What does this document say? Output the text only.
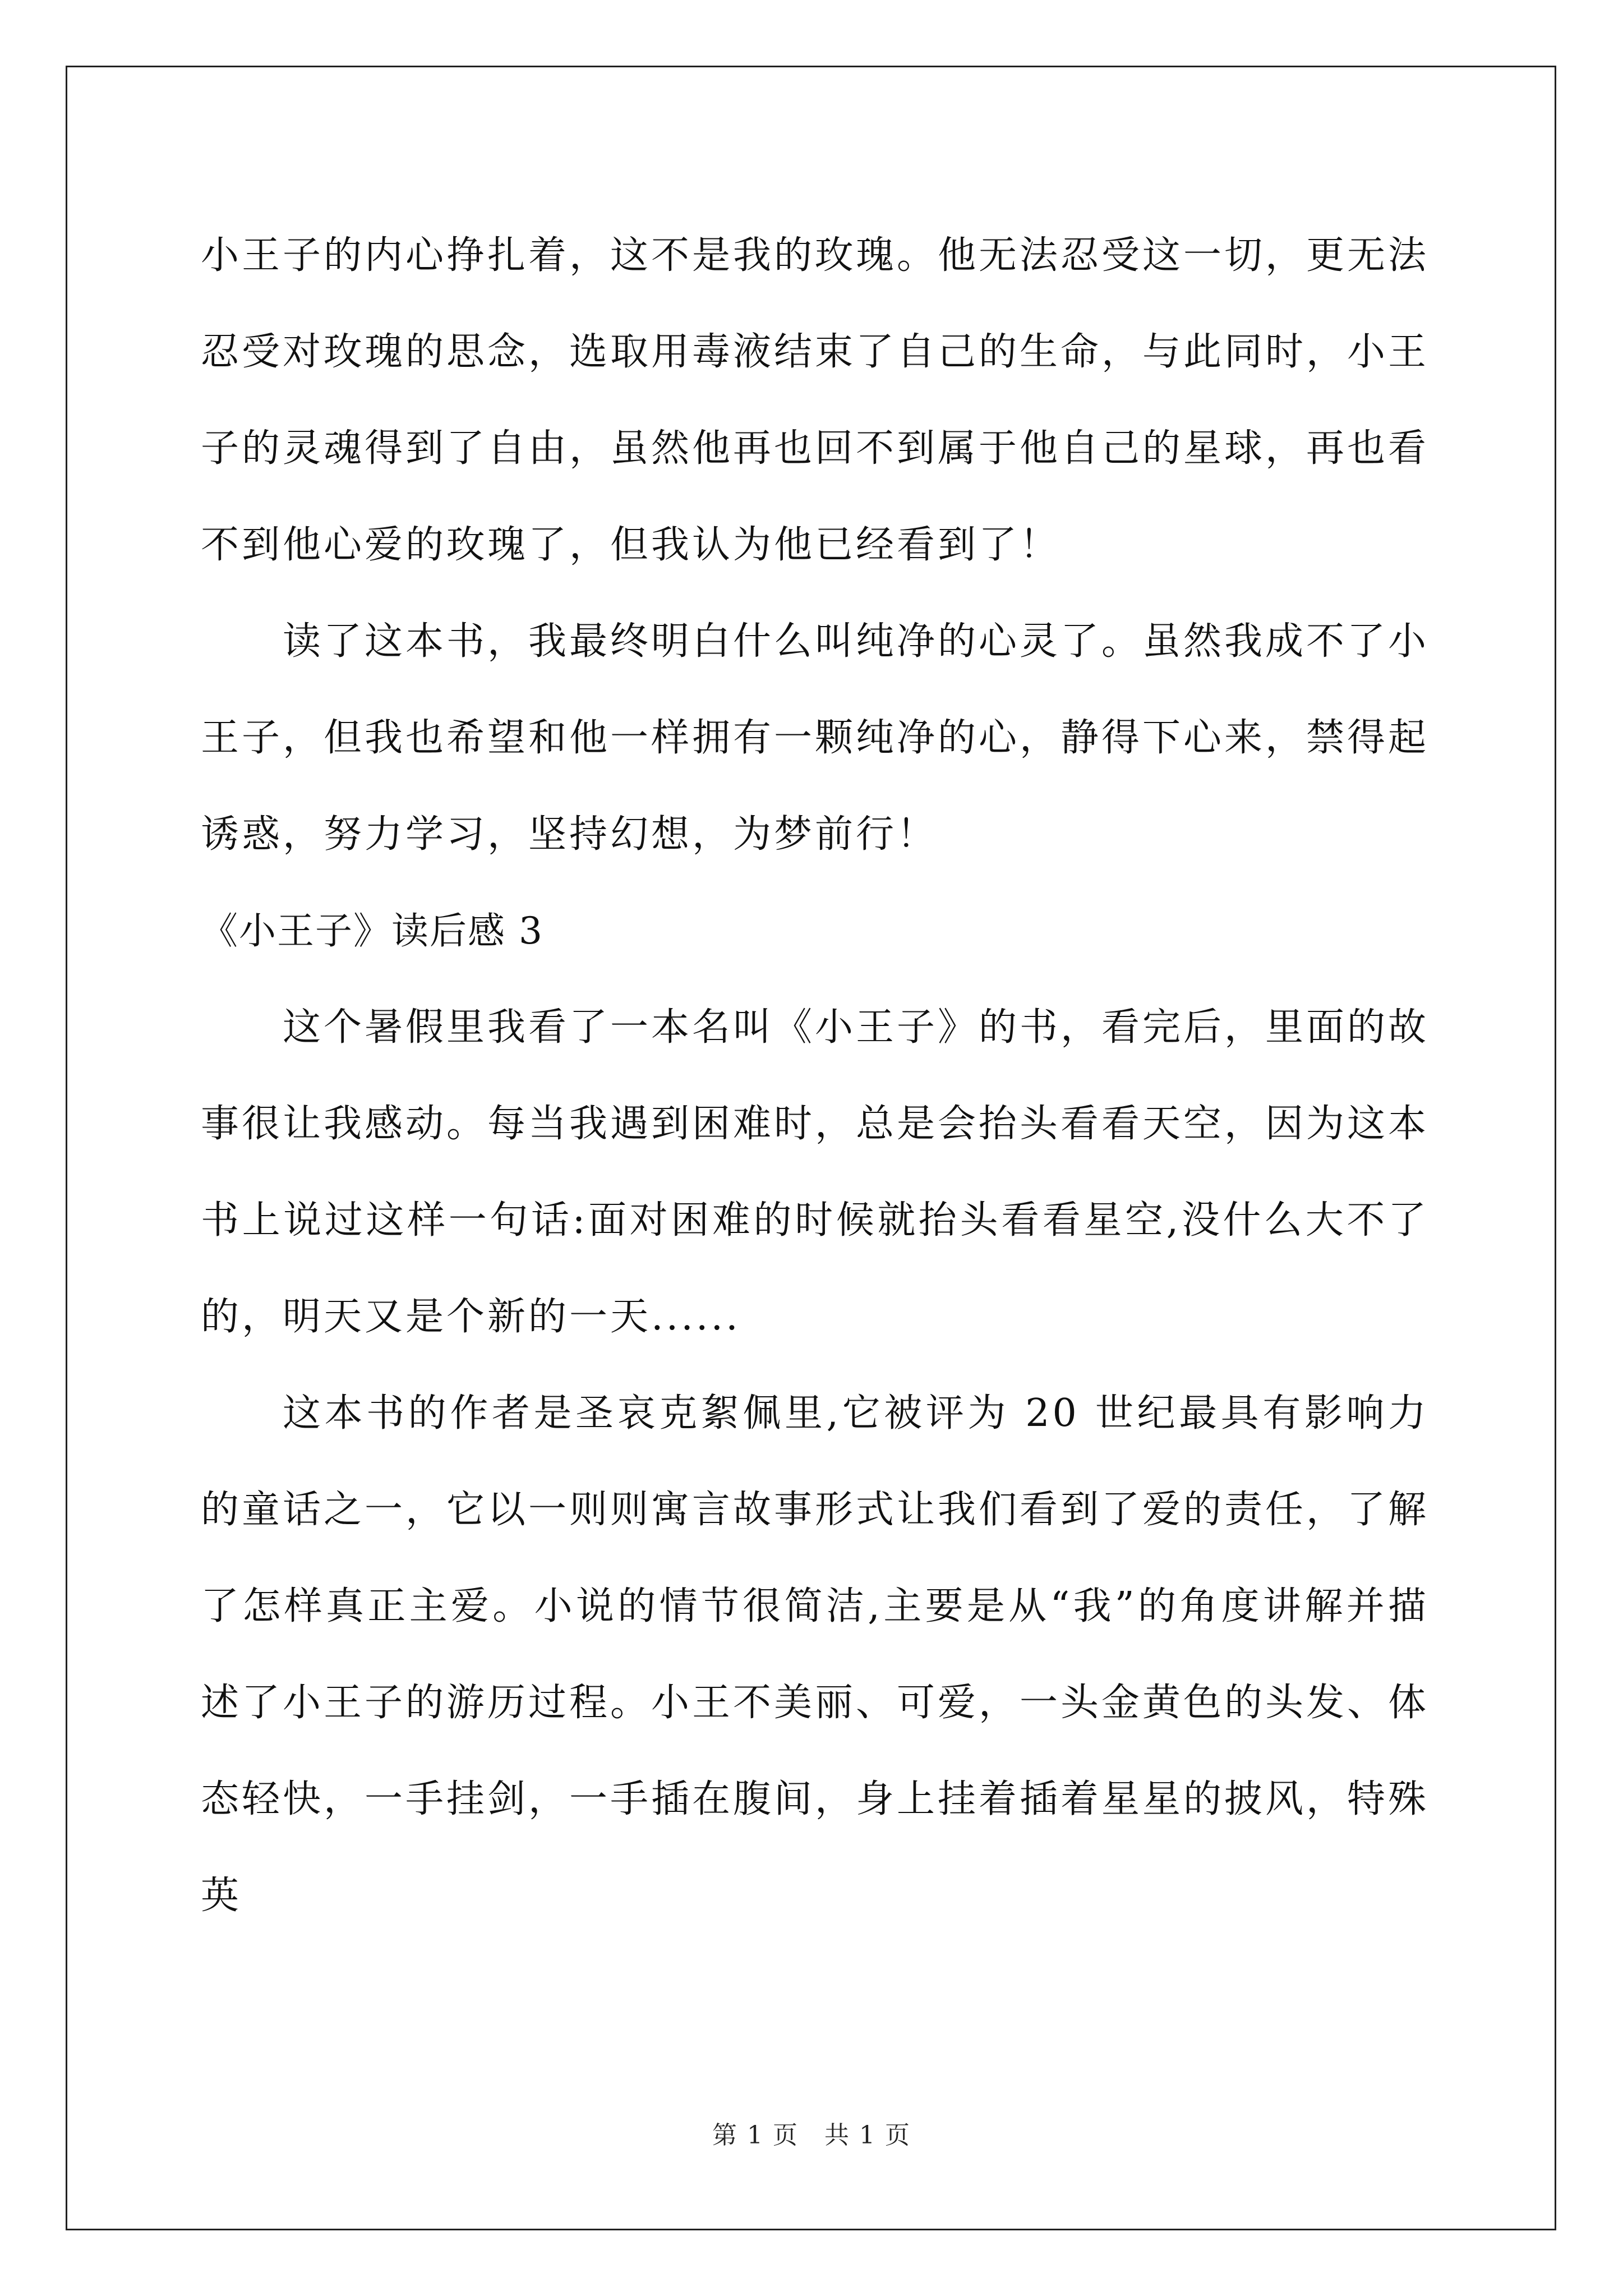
小王子的内心挣扎着，这不是我的玫瑰。他无法忍受这一切，更无法忍受对玫瑰的思念，选取用毒液结束了自己的生命，与此同时，小王子的灵魂得到了自由，虽然他再也回不到属于他自己的星球，再也看不到他心爱的玫瑰了，但我认为他已经看到了！

读了这本书，我最终明白什么叫纯净的心灵了。虽然我成不了小王子，但我也希望和他一样拥有一颗纯净的心，静得下心来，禁得起诱惑，努力学习，坚持幻想，为梦前行！

《小王子》读后感 3

这个暑假里我看了一本名叫《小王子》的书，看完后，里面的故事很让我感动。每当我遇到困难时，总是会抬头看看天空，因为这本书上说过这样一句话:面对困难的时候就抬头看看星空,没什么大不了的，明天又是个新的一天......

这本书的作者是圣哀克絮佩里,它被评为 20 世纪最具有影响力的童话之一，它以一则则寓言故事形式让我们看到了爱的责任，了解了怎样真正主爱。小说的情节很简洁,主要是从“我”的角度讲解并描述了小王子的游历过程。小王不美丽、可爱，一头金黄色的头发、体态轻快，一手挂剑，一手插在腹间，身上挂着插着星星的披风，特殊英

第 1 页　共 1 页
